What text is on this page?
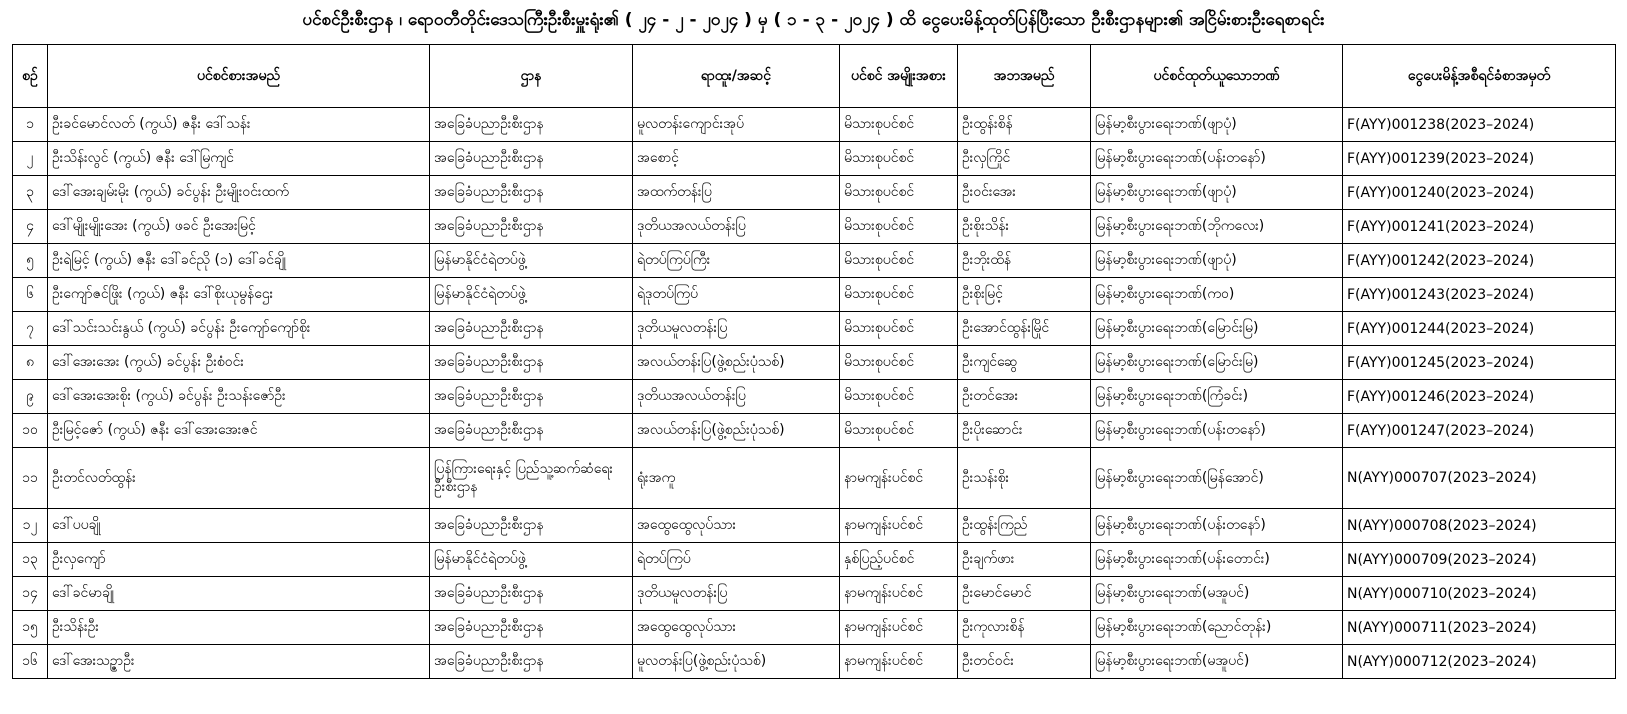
ပင်စင်ဦးစီးဌာန ၊ ရောဝတီတိုင်းဒေသကြီးဦးစီးမှူးရုံး၏ ( ၂၄ - ၂ - ၂၀၂၄ ) မှ ( ၁ - ၃ - ၂၀၂၄ ) ထိ ငွေပေးမိန့်ထုတ်ပြန်ပြီးသော ဦးစီးဌာနများ၏ အငြိမ်းစားဦးရေစာရင်း
စဉ်	ပင်စင်စားအမည်	ဌာန	ရာထူး/အဆင့်	ပင်စင် အမျိုးအစား	အဘအမည်	ပင်စင်ထုတ်ယူသောဘဏ်	ငွေပေးမိန့်အစီရင်ခံစာအမှတ်
၁	ဦးခင်မောင်လတ် (ကွယ်) ဇနီး ဒေါ်သန်း	အခြေခံပညာဦးစီးဌာန	မူလတန်းကျောင်းအုပ်	မိသားစုပင်စင်	ဦးထွန်းစိန်	မြန်မာ့စီးပွားရေးဘဏ်(ဖျာပုံ)	F(AYY)001238(2023–2024)
၂	ဦးသိန်းလွင် (ကွယ်) ဇနီး ဒေါ်မြကျင်	အခြေခံပညာဦးစီးဌာန	အစောင့်	မိသားစုပင်စင်	ဦးလှကြိုင်	မြန်မာ့စီးပွားရေးဘဏ်(ပန်းတနော်)	F(AYY)001239(2023–2024)
၃	ဒေါ်အေးချမ်းမိုး (ကွယ်) ခင်ပွန်း ဦးမျိုးဝင်းထက်	အခြေခံပညာဦးစီးဌာန	အထက်တန်းပြ	မိသားစုပင်စင်	ဦးဝင်းအေး	မြန်မာ့စီးပွားရေးဘဏ်(ဖျာပုံ)	F(AYY)001240(2023–2024)
၄	ဒေါ်မျိုးမျိုးအေး (ကွယ်) ဖခင် ဦးအေးမြင့်	အခြေခံပညာဦးစီးဌာန	ဒုတိယအလယ်တန်းပြ	မိသားစုပင်စင်	ဦးစိုးသိန်း	မြန်မာ့စီးပွားရေးဘဏ်(ဘိုကလေး)	F(AYY)001241(2023–2024)
၅	ဦးရဲမြင့် (ကွယ်) ဇနီး ဒေါ်ခင်ညို (၁) ဒေါ်ခင်ချို	မြန်မာနိုင်ငံရဲတပ်ဖွဲ့	ရဲတပ်ကြပ်ကြီး	မိသားစုပင်စင်	ဦးဘိုးထိန်	မြန်မာ့စီးပွားရေးဘဏ်(ဖျာပုံ)	F(AYY)001242(2023–2024)
၆	ဦးကျော်ဇင်ဖြိုး (ကွယ်) ဇနီး ဒေါ်စိုးယုမွန်ဌေး	မြန်မာနိုင်ငံရဲတပ်ဖွဲ့	ရဲဒုတပ်ကြပ်	မိသားစုပင်စင်	ဦးစိုးမြင့်	မြန်မာ့စီးပွားရေးဘဏ်(ကဝ)	F(AYY)001243(2023–2024)
၇	ဒေါ်သင်းသင်းနွယ် (ကွယ်) ခင်ပွန်း ဦးကျော်ကျော်စိုး	အခြေခံပညာဦးစီးဌာန	ဒုတိယမူလတန်းပြ	မိသားစုပင်စင်	ဦးအောင်ထွန်းမြိုင်	မြန်မာ့စီးပွားရေးဘဏ်(မြောင်းမြ)	F(AYY)001244(2023–2024)
၈	ဒေါ်အေးအေး (ကွယ်) ခင်ပွန်း ဦးစံဝင်း	အခြေခံပညာဦးစီးဌာန	အလယ်တန်းပြ(ဖွဲ့စည်းပုံသစ်)	မိသားစုပင်စင်	ဦးကျင်ဆွေ	မြန်မာ့စီးပွားရေးဘဏ်(မြောင်းမြ)	F(AYY)001245(2023–2024)
၉	ဒေါ်အေးအေးစိုး (ကွယ်) ခင်ပွန်း ဦးသန်းဇော်ဦး	အခြေခံပညာဦးစီးဌာန	ဒုတိယအလယ်တန်းပြ	မိသားစုပင်စင်	ဦးတင်အေး	မြန်မာ့စီးပွားရေးဘဏ်(ကြံခင်း)	F(AYY)001246(2023–2024)
၁၀	ဦးမြင့်ဇော် (ကွယ်) ဇနီး ဒေါ်အေးအေးဇင်	အခြေခံပညာဦးစီးဌာန	အလယ်တန်းပြ(ဖွဲ့စည်းပုံသစ်)	မိသားစုပင်စင်	ဦးပိုးဆောင်း	မြန်မာ့စီးပွားရေးဘဏ်(ပန်းတနော်)	F(AYY)001247(2023–2024)
၁၁	ဦးတင်လတ်ထွန်း	ပြန်ကြားရေးနှင့် ပြည်သူ့ဆက်ဆံရေးဦးစီးဌာန	ရုံးအကူ	နာမကျန်းပင်စင်	ဦးသန်းစိုး	မြန်မာ့စီးပွားရေးဘဏ်(မြန်အောင်)	N(AYY)000707(2023–2024)
၁၂	ဒေါ်ပပချို	အခြေခံပညာဦးစီးဌာန	အထွေထွေလုပ်သား	နာမကျန်းပင်စင်	ဦးထွန်းကြည်	မြန်မာ့စီးပွားရေးဘဏ်(ပန်းတနော်)	N(AYY)000708(2023–2024)
၁၃	ဦးလှကျော်	မြန်မာနိုင်ငံရဲတပ်ဖွဲ့	ရဲတပ်ကြပ်	နှစ်ပြည့်ပင်စင်	ဦးချက်ဖား	မြန်မာ့စီးပွားရေးဘဏ်(ပန်းတောင်း)	N(AYY)000709(2023–2024)
၁၄	ဒေါ်ခင်မာချို	အခြေခံပညာဦးစီးဌာန	ဒုတိယမူလတန်းပြ	နာမကျန်းပင်စင်	ဦးမောင်မောင်	မြန်မာ့စီးပွားရေးဘဏ်(မအူပင်)	N(AYY)000710(2023–2024)
၁၅	ဦးသိန်းဦး	အခြေခံပညာဦးစီးဌာန	အထွေထွေလုပ်သား	နာမကျန်းပင်စင်	ဦးကုလားစိန်	မြန်မာ့စီးပွားရေးဘဏ်(ညောင်တုန်း)	N(AYY)000711(2023–2024)
၁၆	ဒေါ်အေးသဉ္ဇာဦး	အခြေခံပညာဦးစီးဌာန	မူလတန်းပြ(ဖွဲ့စည်းပုံသစ်)	နာမကျန်းပင်စင်	ဦးတင်ဝင်း	မြန်မာ့စီးပွားရေးဘဏ်(မအူပင်)	N(AYY)000712(2023–2024)
